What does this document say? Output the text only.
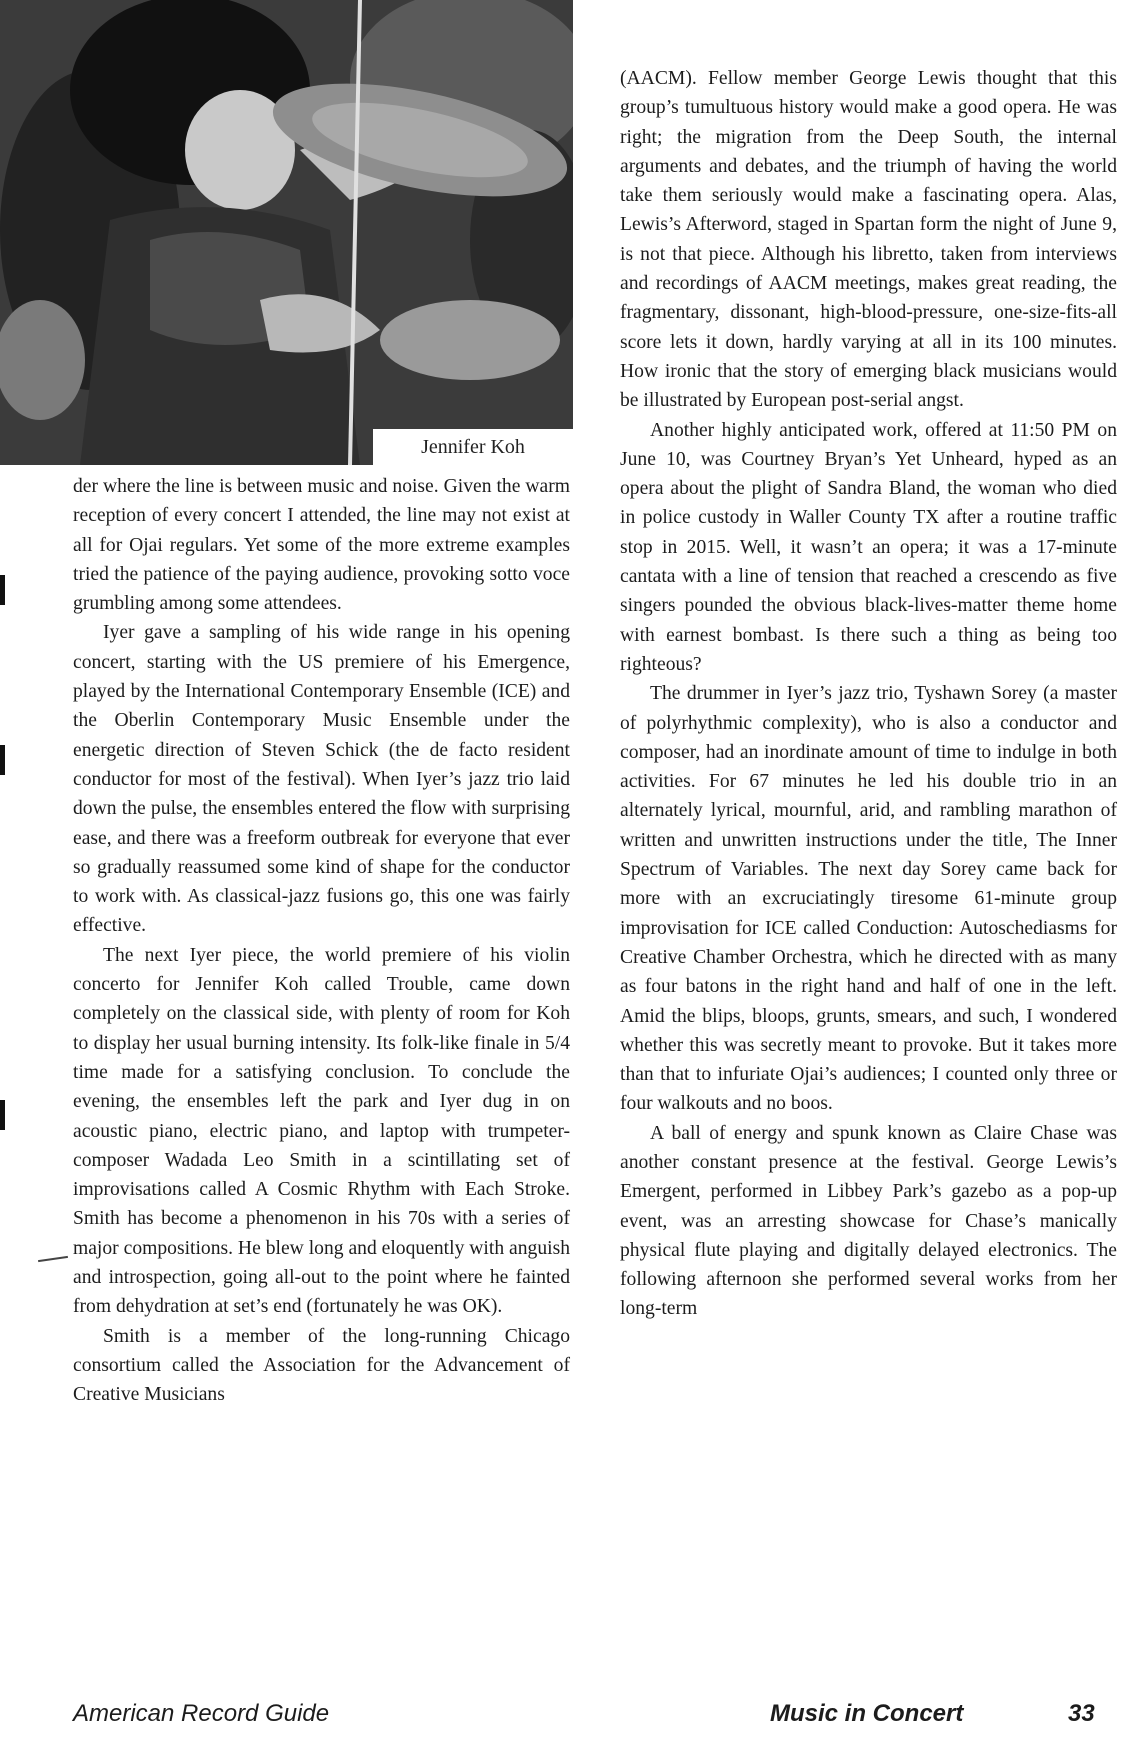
Jennifer Koh

der where the line is between music and noise. Given the warm reception of every concert I attended, the line may not exist at all for Ojai regulars. Yet some of the more extreme examples tried the patience of the paying audience, provoking sotto voce grumbling among some attendees.

Iyer gave a sampling of his wide range in his opening concert, starting with the US premiere of his Emergence, played by the International Contemporary Ensemble (ICE) and the Oberlin Contemporary Music Ensemble under the energetic direction of Steven Schick (the de facto resident conductor for most of the festival). When Iyer’s jazz trio laid down the pulse, the ensembles entered the flow with surprising ease, and there was a freeform outbreak for everyone that ever so gradually reassumed some kind of shape for the conductor to work with. As classical-jazz fusions go, this one was fairly effective.

The next Iyer piece, the world premiere of his violin concerto for Jennifer Koh called Trouble, came down completely on the classical side, with plenty of room for Koh to display her usual burning intensity. Its folk-like finale in 5/4 time made for a satisfying conclusion. To conclude the evening, the ensembles left the park and Iyer dug in on acoustic piano, electric piano, and laptop with trumpeter-composer Wadada Leo Smith in a scintillating set of improvisations called A Cosmic Rhythm with Each Stroke. Smith has become a phenomenon in his 70s with a series of major compositions. He blew long and eloquently with anguish and introspection, going all-out to the point where he fainted from dehydration at set’s end (fortunately he was OK).

Smith is a member of the long-running Chicago consortium called the Association for the Advancement of Creative Musicians

(AACM). Fellow member George Lewis thought that this group’s tumultuous history would make a good opera. He was right; the migration from the Deep South, the internal arguments and debates, and the triumph of having the world take them seriously would make a fascinating opera. Alas, Lewis’s Afterword, staged in Spartan form the night of June 9, is not that piece. Although his libretto, taken from interviews and recordings of AACM meetings, makes great reading, the fragmentary, dissonant, high-blood-pressure, one-size-fits-all score lets it down, hardly varying at all in its 100 minutes. How ironic that the story of emerging black musicians would be illustrated by European post-serial angst.

Another highly anticipated work, offered at 11:50 PM on June 10, was Courtney Bryan’s Yet Unheard, hyped as an opera about the plight of Sandra Bland, the woman who died in police custody in Waller County TX after a routine traffic stop in 2015. Well, it wasn’t an opera; it was a 17-minute cantata with a line of tension that reached a crescendo as five singers pounded the obvious black-lives-matter theme home with earnest bombast. Is there such a thing as being too righteous?

The drummer in Iyer’s jazz trio, Tyshawn Sorey (a master of polyrhythmic complexity), who is also a conductor and composer, had an inordinate amount of time to indulge in both activities. For 67 minutes he led his double trio in an alternately lyrical, mournful, arid, and rambling marathon of written and unwritten instructions under the title, The Inner Spectrum of Variables. The next day Sorey came back for more with an excruciatingly tiresome 61-minute group improvisation for ICE called Conduction: Autoschediasms for Creative Chamber Orchestra, which he directed with as many as four batons in the right hand and half of one in the left. Amid the blips, bloops, grunts, smears, and such, I wondered whether this was secretly meant to provoke. But it takes more than that to infuriate Ojai’s audiences; I counted only three or four walkouts and no boos.

A ball of energy and spunk known as Claire Chase was another constant presence at the festival. George Lewis’s Emergent, performed in Libbey Park’s gazebo as a pop-up event, was an arresting showcase for Chase’s manically physical flute playing and digitally delayed electronics. The following afternoon she performed several works from her long-term

American Record Guide	Music in Concert	33
